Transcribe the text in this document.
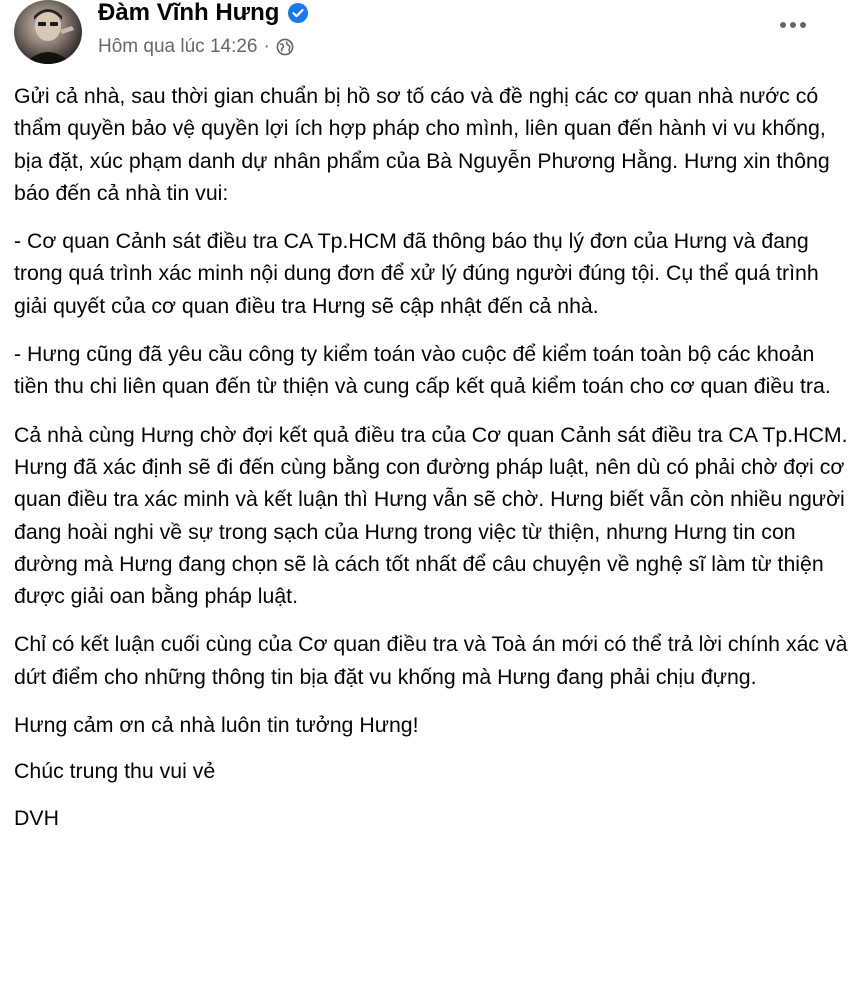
Đàm Vĩnh Hưng
Hôm qua lúc 14:26 ·

Gửi cả nhà, sau thời gian chuẩn bị hồ sơ tố cáo và đề nghị các cơ quan nhà nước có thẩm quyền bảo vệ quyền lợi ích hợp pháp cho mình, liên quan đến hành vi vu khống, bịa đặt, xúc phạm danh dự nhân phẩm của Bà Nguyễn Phương Hằng. Hưng xin thông báo đến cả nhà tin vui:

- Cơ quan Cảnh sát điều tra CA Tp.HCM đã thông báo thụ lý đơn của Hưng và đang trong quá trình xác minh nội dung đơn để xử lý đúng người đúng tội. Cụ thể quá trình giải quyết của cơ quan điều tra Hưng sẽ cập nhật đến cả nhà.

- Hưng cũng đã yêu cầu công ty kiểm toán vào cuộc để kiểm toán toàn bộ các khoản tiền thu chi liên quan đến từ thiện và cung cấp kết quả kiểm toán cho cơ quan điều tra.

Cả nhà cùng Hưng chờ đợi kết quả điều tra của Cơ quan Cảnh sát điều tra CA Tp.HCM. Hưng đã xác định sẽ đi đến cùng bằng con đường pháp luật, nên dù có phải chờ đợi cơ quan điều tra xác minh và kết luận thì Hưng vẫn sẽ chờ. Hưng biết vẫn còn nhiều người đang hoài nghi về sự trong sạch của Hưng trong việc từ thiện, nhưng Hưng tin con đường mà Hưng đang chọn sẽ là cách tốt nhất để câu chuyện về nghệ sĩ làm từ thiện được giải oan bằng pháp luật.

Chỉ có kết luận cuối cùng của Cơ quan điều tra và Toà án mới có thể trả lời chính xác và dứt điểm cho những thông tin bịa đặt vu khống mà Hưng đang phải chịu đựng.

Hưng cảm ơn cả nhà luôn tin tưởng Hưng!

Chúc trung thu vui vẻ

DVH
